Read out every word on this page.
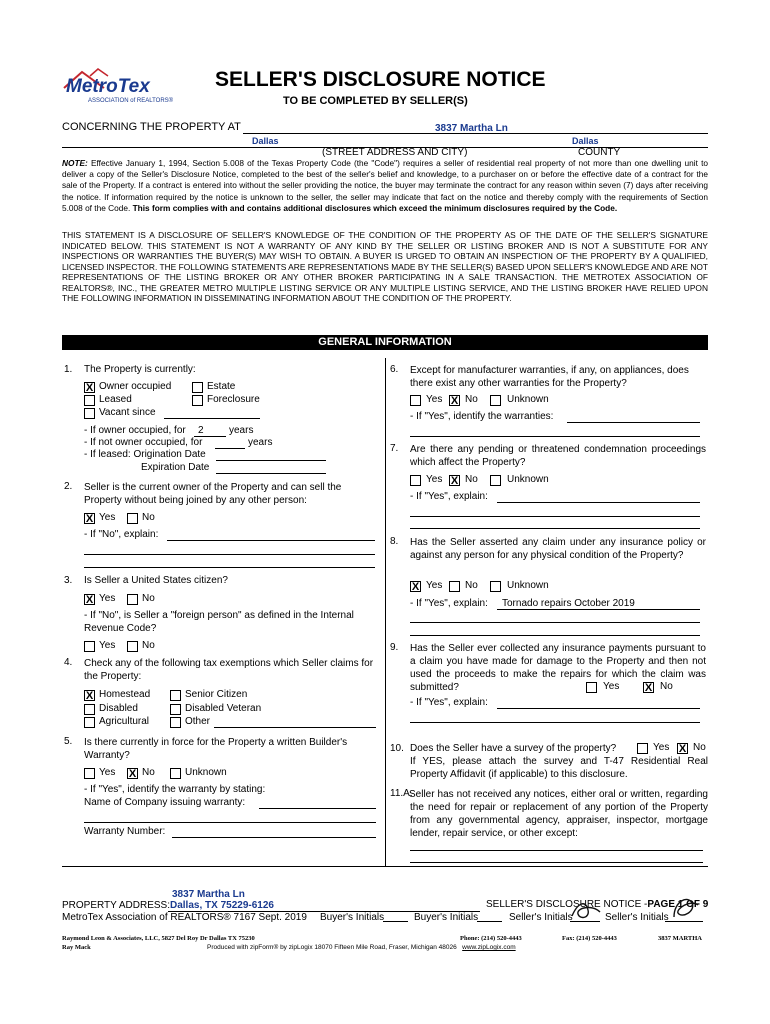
MetroTex
ASSOCIATION of REALTORS®
SELLER'S DISCLOSURE NOTICE
TO BE COMPLETED BY SELLER(S)
CONCERNING THE PROPERTY AT	3837 Martha Ln
Dallas	Dallas
(STREET ADDRESS AND CITY)	COUNTY
NOTE: Effective January 1, 1994, Section 5.008 of the Texas Property Code (the "Code") requires a seller of residential real property of not more than one dwelling unit to deliver a copy of the Seller's Disclosure Notice, completed to the best of the seller's belief and knowledge, to a purchaser on or before the effective date of a contract for the sale of the Property. If a contract is entered into without the seller providing the notice, the buyer may terminate the contract for any reason within seven (7) days after receiving the notice. If information required by the notice is unknown to the seller, the seller may indicate that fact on the notice and thereby comply with the requirements of Section 5.008 of the Code. This form complies with and contains additional disclosures which exceed the minimum disclosures required by the Code.
THIS STATEMENT IS A DISCLOSURE OF SELLER'S KNOWLEDGE OF THE CONDITION OF THE PROPERTY AS OF THE DATE OF THE SELLER'S SIGNATURE INDICATED BELOW. THIS STATEMENT IS NOT A WARRANTY OF ANY KIND BY THE SELLER OR LISTING BROKER AND IS NOT A SUBSTITUTE FOR ANY INSPECTIONS OR WARRANTIES THE BUYER(S) MAY WISH TO OBTAIN. A BUYER IS URGED TO OBTAIN AN INSPECTION OF THE PROPERTY BY A QUALIFIED, LICENSED INSPECTOR. THE FOLLOWING STATEMENTS ARE REPRESENTATIONS MADE BY THE SELLER(S) BASED UPON SELLER'S KNOWLEDGE AND ARE NOT REPRESENTATIONS OF THE LISTING BROKER OR ANY OTHER BROKER PARTICIPATING IN A SALE TRANSACTION. THE METROTEX ASSOCIATION OF REALTORS®, INC., THE GREATER METRO MULTIPLE LISTING SERVICE OR ANY MULTIPLE LISTING SERVICE, AND THE LISTING BROKER HAVE RELIED UPON THE FOLLOWING INFORMATION IN DISSEMINATING INFORMATION ABOUT THE CONDITION OF THE PROPERTY.
GENERAL INFORMATION
1. The Property is currently:
X Owner occupied	Estate
Leased	Foreclosure
Vacant since
- If owner occupied, for 2	years
- If not owner occupied, for	years
- If leased: Origination Date
Expiration Date
2. Seller is the current owner of the Property and can sell the Property without being joined by any other person:
X Yes	No
- If "No", explain:
3. Is Seller a United States citizen?
X Yes	No
- If "No", is Seller a "foreign person" as defined in the Internal Revenue Code?
Yes	No
4. Check any of the following tax exemptions which Seller claims for the Property:
X Homestead	Senior Citizen
Disabled	Disabled Veteran
Agricultural	Other
5. Is there currently in force for the Property a written Builder's Warranty?
Yes X No	Unknown
- If "Yes", identify the warranty by stating:
Name of Company issuing warranty:
Warranty Number:
6. Except for manufacturer warranties, if any, on appliances, does there exist any other warranties for the Property?
Yes X No	Unknown
- If "Yes", identify the warranties:
7. Are there any pending or threatened condemnation proceedings which affect the Property?
Yes X No	Unknown
- If "Yes", explain:
8. Has the Seller asserted any claim under any insurance policy or against any person for any physical condition of the Property?
X Yes No	Unknown
- If "Yes", explain: Tornado repairs October 2019
9. Has the Seller ever collected any insurance payments pursuant to a claim you have made for damage to the Property and then not used the proceeds to make the repairs for which the claim was submitted?	Yes X No
- If "Yes", explain:
10. Does the Seller have a survey of the property?	Yes X No
If YES, please attach the survey and T-47 Residential Real Property Affidavit (if applicable) to this disclosure.
11.A.
Seller has not received any notices, either oral or written, regarding the need for repair or replacement of any portion of the Property from any governmental agency, appraiser, inspector, mortgage lender, repair service, or other except:
3837 Martha Ln
PROPERTY ADDRESS: Dallas, TX 75229-6126	SELLER'S DISCLOSURE NOTICE -PAGE 1 OF 9
MetroTex Association of REALTORS® 7167 Sept. 2019 Buyer's Initials	Buyer's Initials	Seller's Initials	Seller's Initials
Raymond Leon & Associates, LLC, 5827 Del Roy Dr Dallas TX 75230
Ray Mack
Phone: (214) 520-4443	Fax: (214) 520-4443	3837 MARTHA
Produced with zipForm® by zipLogix 18070 Fifteen Mile Road, Fraser, Michigan 48026 www.zipLogix.com
